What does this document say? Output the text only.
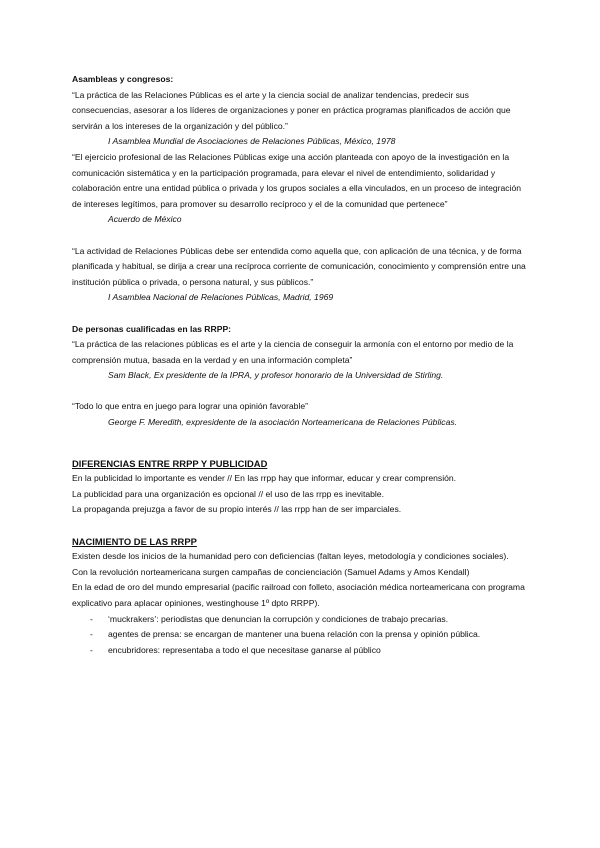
Asambleas y congresos:

“La práctica de las Relaciones Públicas es el arte y la ciencia social de analizar tendencias, predecir sus consecuencias, asesorar a los líderes de organizaciones y poner en práctica programas planificados de acción que servirán a los intereses de la organización y del público.”

I Asamblea Mundial de Asociaciones de Relaciones Públicas, México, 1978

“El ejercicio profesional de las Relaciones Públicas exige una acción planteada con apoyo de la investigación en la comunicación sistemática y en la participación programada, para elevar el nivel de entendimiento, solidaridad y colaboración entre una entidad pública o privada y los grupos sociales a ella vinculados, en un proceso de integración de intereses legítimos, para promover su desarrollo recíproco y el de la comunidad que pertenece”

Acuerdo de México

“La actividad de Relaciones Públicas debe ser entendida como aquella que, con aplicación de una técnica, y de forma planificada y habitual, se dirija a crear una recíproca corriente de comunicación, conocimiento y comprensión entre una institución pública o privada, o persona natural, y sus públicos.”

I Asamblea Nacional de Relaciones Públicas, Madrid, 1969

De personas cualificadas en las RRPP:

“La práctica de las relaciones públicas es el arte y la ciencia de conseguir la armonía con el entorno por medio de la comprensión mutua, basada en la verdad y en una información completa”

Sam Black, Ex presidente de la IPRA, y profesor honorario de la Universidad de Stirling.

“Todo lo que entra en juego para lograr una opinión favorable”

George F. Meredith, expresidente de la asociación Norteamericana de Relaciones Públicas.

DIFERENCIAS ENTRE RRPP Y PUBLICIDAD

En la publicidad lo importante es vender // En las rrpp hay que informar, educar y crear comprensión.

La publicidad para una organización es opcional // el uso de las rrpp es inevitable.

La propaganda prejuzga a favor de su propio interés // las rrpp han de ser imparciales.

NACIMIENTO DE LAS RRPP

Existen desde los inicios de la humanidad pero con deficiencias (faltan leyes, metodología y condiciones sociales).

Con la revolución norteamericana surgen campañas de concienciación (Samuel Adams y Amos Kendall)

En la edad de oro del mundo empresarial (pacific railroad con folleto, asociación médica norteamericana con programa explicativo para aplacar opiniones, westinghouse 1º dpto RRPP).

- ‘muckrakers’: periodistas que denuncian la corrupción y condiciones de trabajo precarias.
- agentes de prensa: se encargan de mantener una buena relación con la prensa y opinión pública.
- encubridores: representaba a todo el que necesitase ganarse al público
